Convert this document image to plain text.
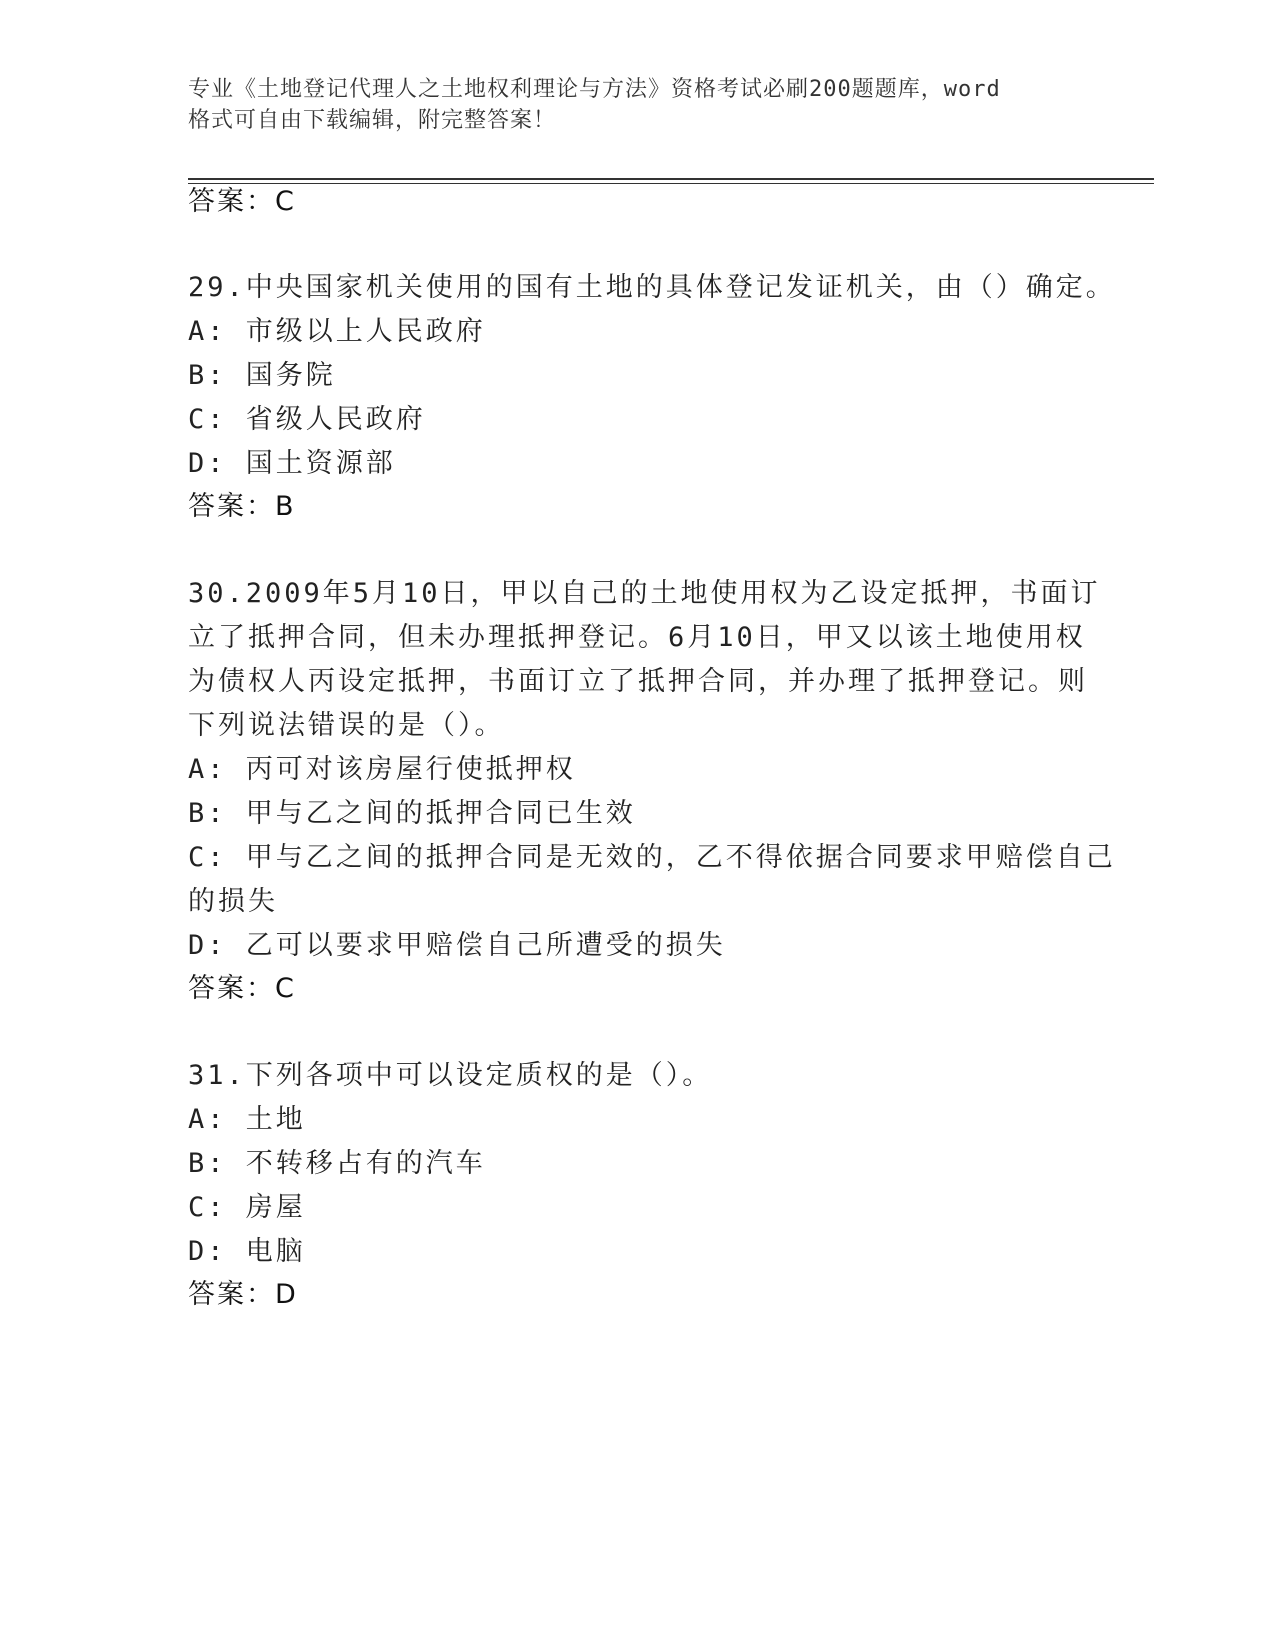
专业《土地登记代理人之土地权利理论与方法》资格考试必刷200题题库，word
格式可自由下载编辑，附完整答案！
答案：C
29.中央国家机关使用的国有土地的具体登记发证机关，由（）确定。
A: 市级以上人民政府
B: 国务院
C: 省级人民政府
D: 国土资源部
答案：B
30.2009年5月10日，甲以自己的土地使用权为乙设定抵押，书面订
立了抵押合同，但未办理抵押登记。6月10日，甲又以该土地使用权
为债权人丙设定抵押，书面订立了抵押合同，并办理了抵押登记。则
下列说法错误的是（）。
A: 丙可对该房屋行使抵押权
B: 甲与乙之间的抵押合同已生效
C: 甲与乙之间的抵押合同是无效的，乙不得依据合同要求甲赔偿自己
的损失
D: 乙可以要求甲赔偿自己所遭受的损失
答案：C
31.下列各项中可以设定质权的是（）。
A: 土地
B: 不转移占有的汽车
C: 房屋
D: 电脑
答案：D
